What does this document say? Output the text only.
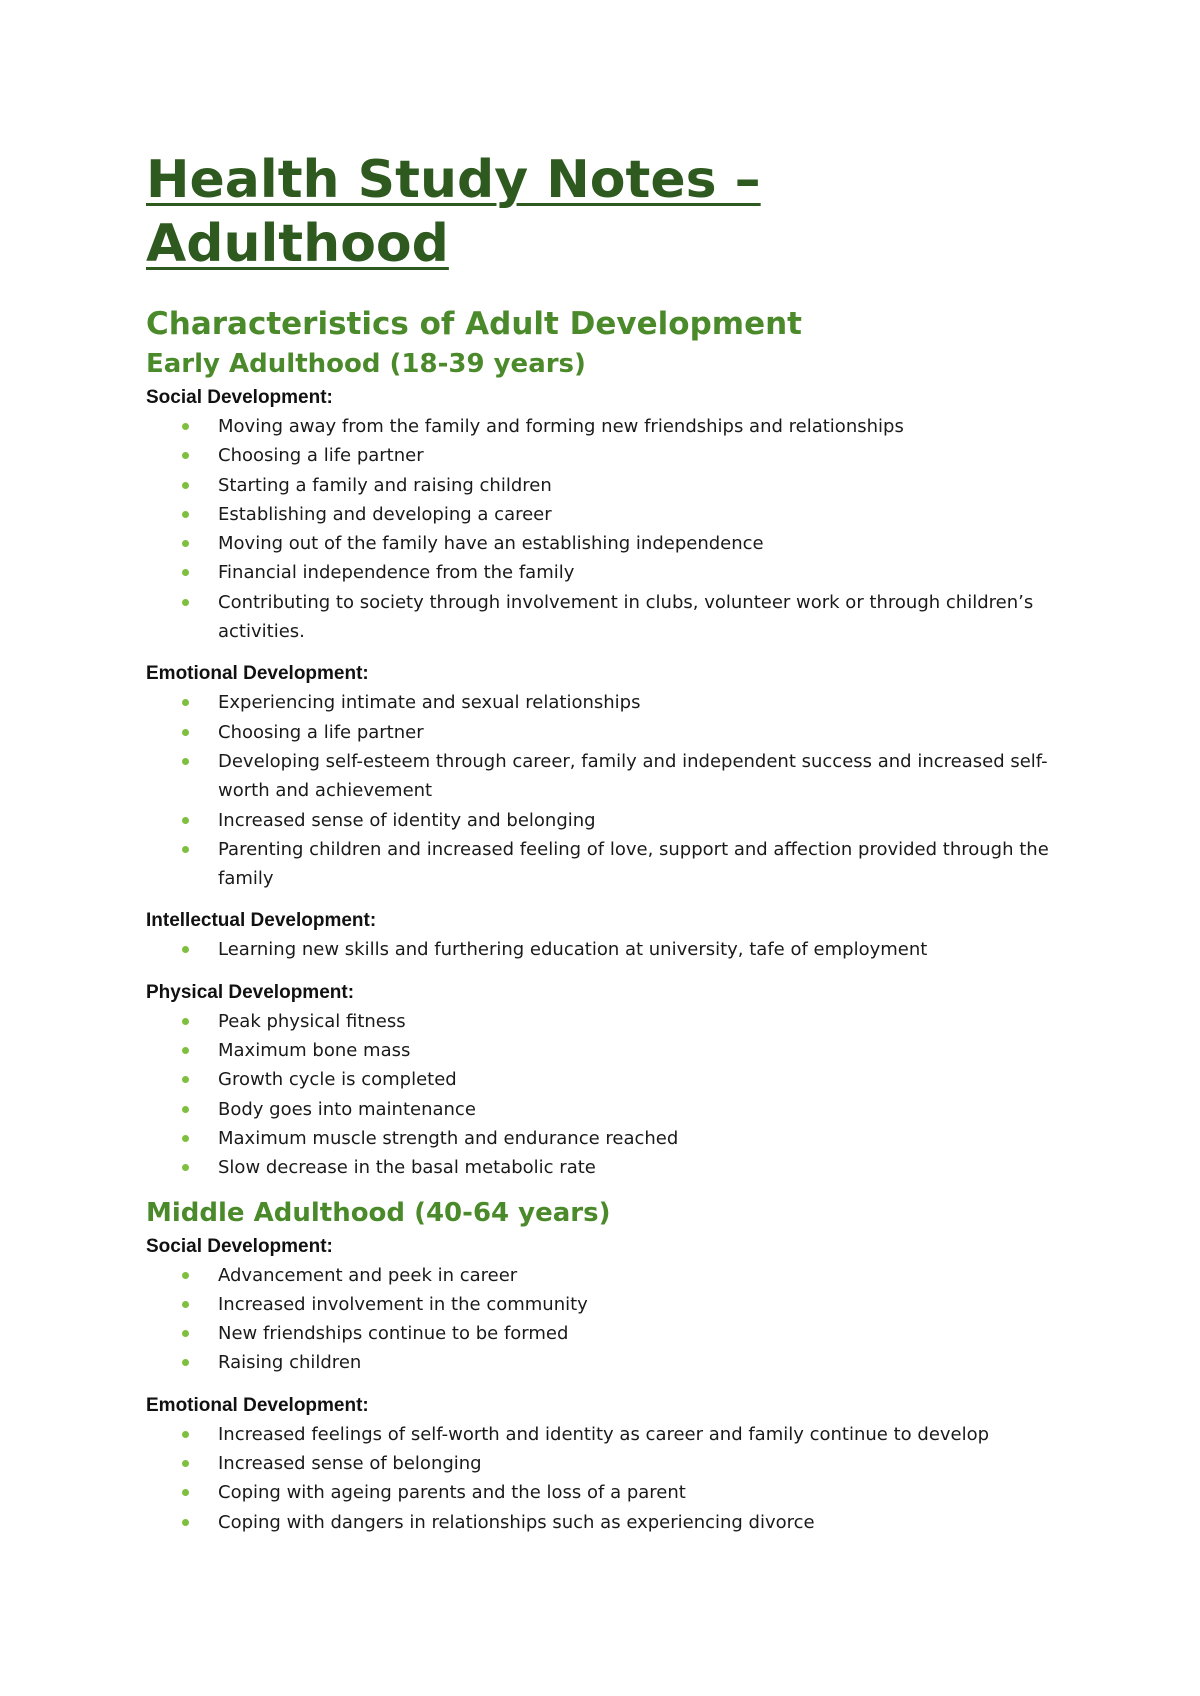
Health Study Notes – Adulthood
Characteristics of Adult Development
Early Adulthood (18-39 years)

Social Development:

Moving away from the family and forming new friendships and relationships
Choosing a life partner
Starting a family and raising children
Establishing and developing a career
Moving out of the family have an establishing independence
Financial independence from the family
Contributing to society through involvement in clubs, volunteer work or through children’s activities.

Emotional Development:

Experiencing intimate and sexual relationships
Choosing a life partner
Developing self-esteem through career, family and independent success and increased self-worth and achievement
Increased sense of identity and belonging
Parenting children and increased feeling of love, support and affection provided through the family

Intellectual Development:

Learning new skills and furthering education at university, tafe of employment

Physical Development:

Peak physical fitness
Maximum bone mass
Growth cycle is completed
Body goes into maintenance
Maximum muscle strength and endurance reached
Slow decrease in the basal metabolic rate
Middle Adulthood (40-64 years)

Social Development:

Advancement and peek in career
Increased involvement in the community
New friendships continue to be formed
Raising children

Emotional Development:

Increased feelings of self-worth and identity as career and family continue to develop
Increased sense of belonging
Coping with ageing parents and the loss of a parent
Coping with dangers in relationships such as experiencing divorce
